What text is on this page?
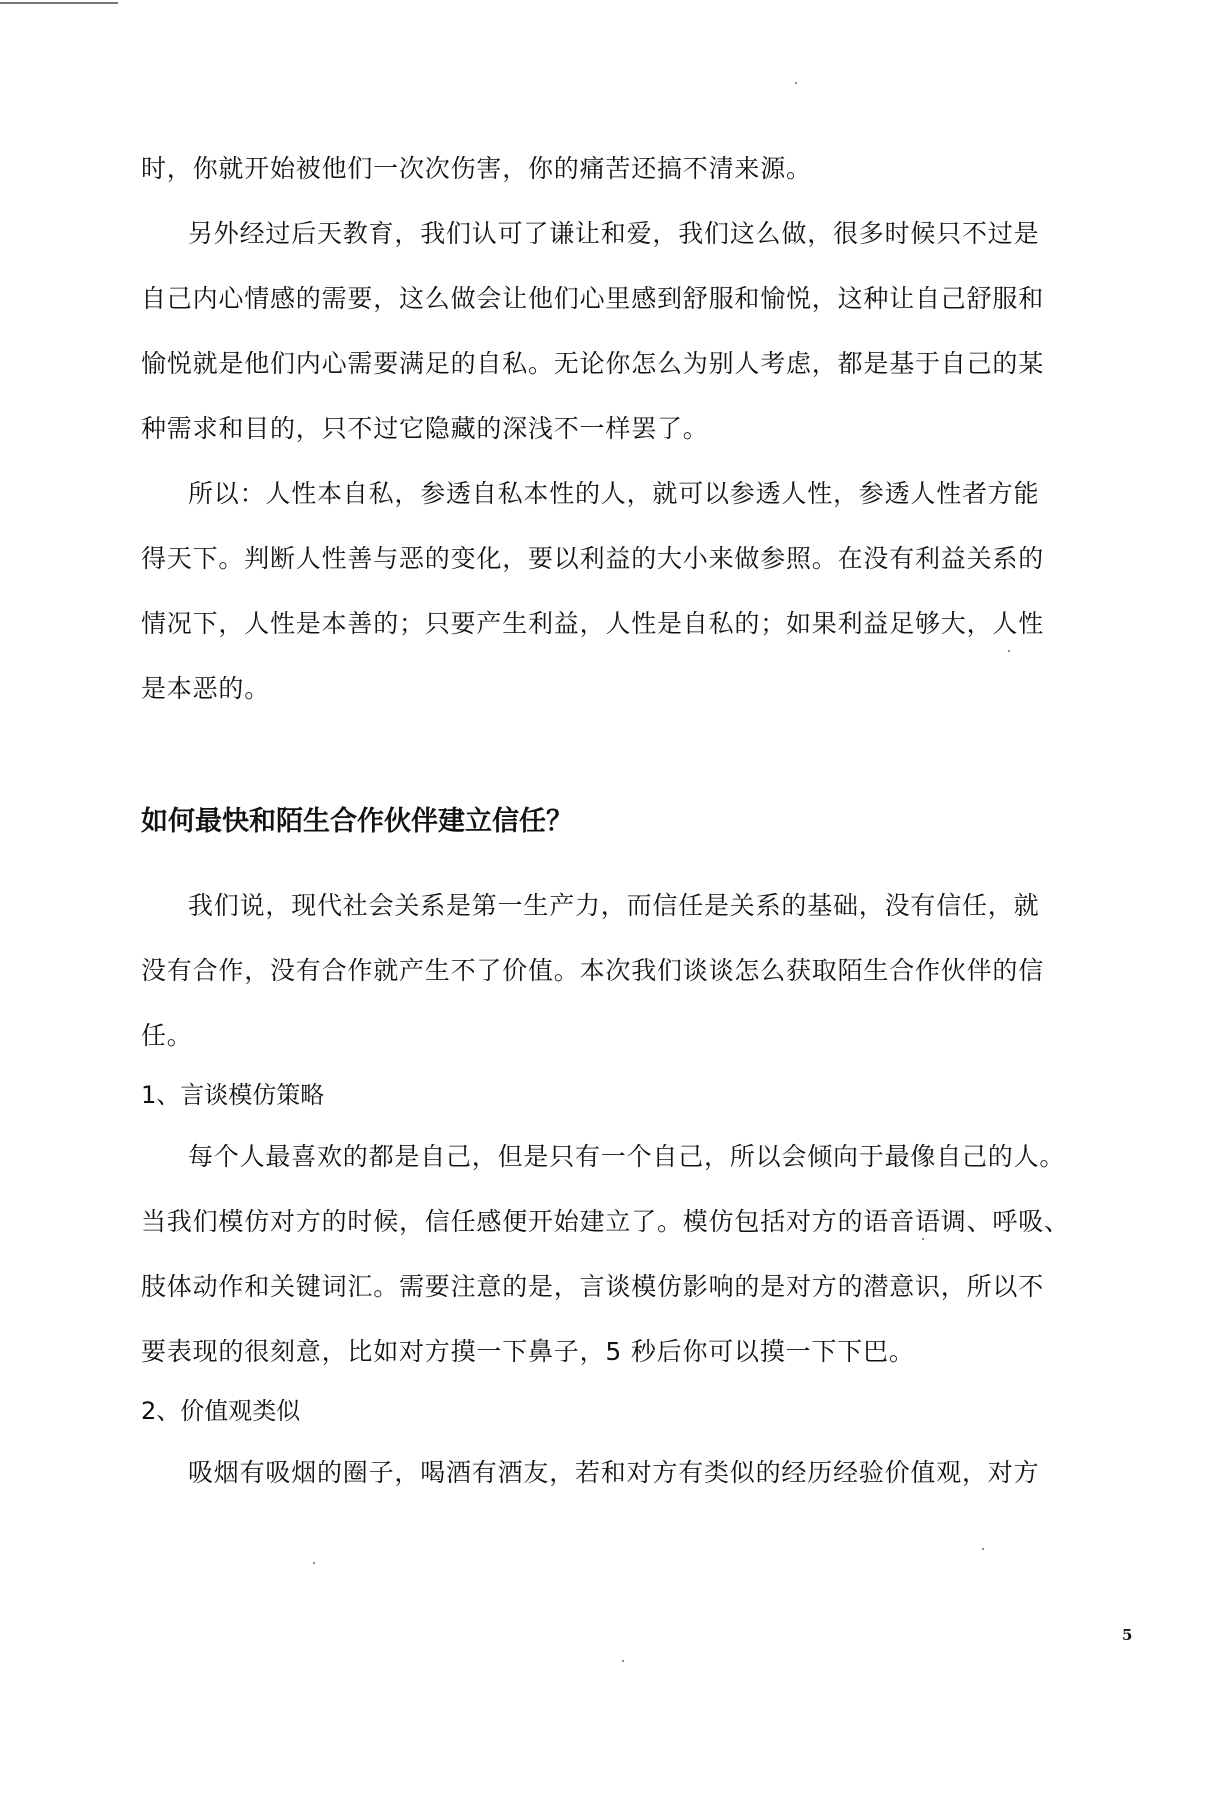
时，你就开始被他们一次次伤害，你的痛苦还搞不清来源。

另外经过后天教育，我们认可了谦让和爱，我们这么做，很多时候只不过是

自己内心情感的需要，这么做会让他们心里感到舒服和愉悦，这种让自己舒服和

愉悦就是他们内心需要满足的自私。无论你怎么为别人考虑，都是基于自己的某

种需求和目的，只不过它隐藏的深浅不一样罢了。

所以：人性本自私，参透自私本性的人，就可以参透人性，参透人性者方能

得天下。判断人性善与恶的变化，要以利益的大小来做参照。在没有利益关系的

情况下，人性是本善的；只要产生利益，人性是自私的；如果利益足够大，人性

是本恶的。

如何最快和陌生合作伙伴建立信任？

我们说，现代社会关系是第一生产力，而信任是关系的基础，没有信任，就

没有合作，没有合作就产生不了价值。本次我们谈谈怎么获取陌生合作伙伴的信

任。

1、言谈模仿策略

每个人最喜欢的都是自己，但是只有一个自己，所以会倾向于最像自己的人。

当我们模仿对方的时候，信任感便开始建立了。模仿包括对方的语音语调、呼吸、

肢体动作和关键词汇。需要注意的是，言谈模仿影响的是对方的潜意识，所以不

要表现的很刻意，比如对方摸一下鼻子，5 秒后你可以摸一下下巴。

2、价值观类似

吸烟有吸烟的圈子，喝酒有酒友，若和对方有类似的经历经验价值观，对方

5
